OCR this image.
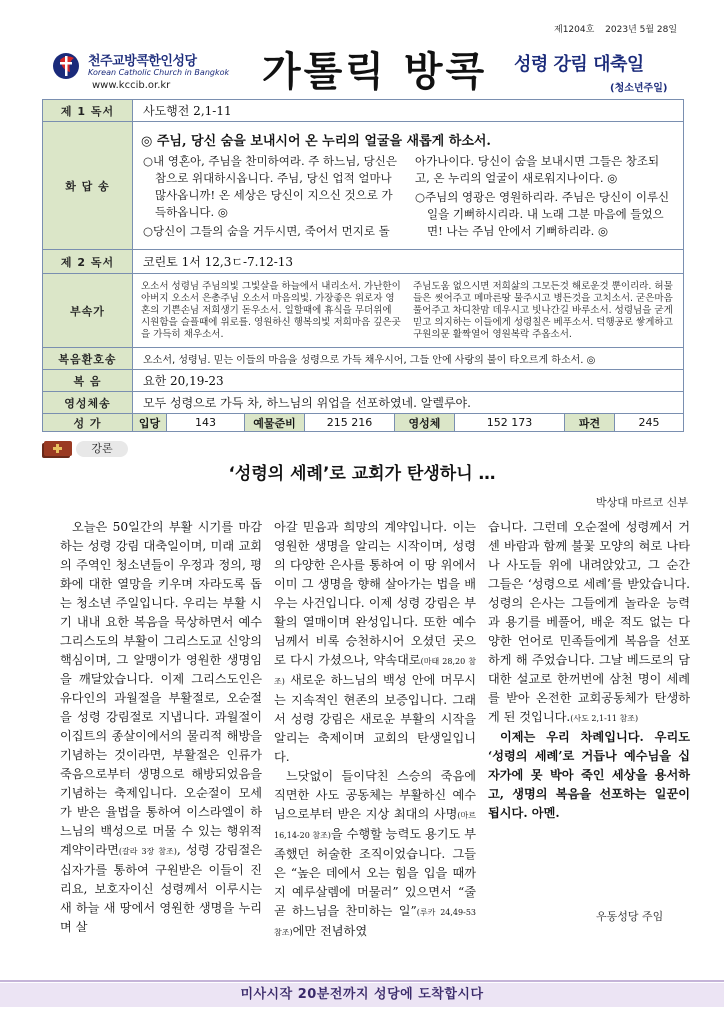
천주교방콕한인성당
Korean Catholic Church in Bangkok
www.kccib.or.kr 가톨릭 방콕
제1204호 2023년 5월 28일
성령 강림 대축일
(청소년주일)
제 1 독서	사도행전 2,1-11							
화 답 송	◎ 주님, 당신 숨을 보내시어 온 누리의 얼굴을 새롭게 하소서.
○내 영혼아, 주님을 찬미하여라. 주 하느님, 당신은 참으로 위대하시옵니다. 주님, 당신 업적 얼마나 많사옵니까! 온 세상은 당신이 지으신 것으로 가득하옵니다. ◎
○당신이 그들의 숨을 거두시면, 죽어서 먼지로 돌
아가나이다. 당신이 숨을 보내시면 그들은 창조되고, 온 누리의 얼굴이 새로워지나이다. ◎
○주님의 영광은 영원하리라. 주님은 당신이 이루신 일을 기뻐하시리라. 내 노래 그분 마음에 들었으면! 나는 주님 안에서 기뻐하리라. ◎							

제 2 독서	코린토 1서 12,3ㄷ-7.12-13							
부속가	오소서 성령님 주님의빛 그빛살을 하늘에서 내리소서. 가난한이 아버지 오소서 은총주님 오소서 마음의빛. 가장좋은 위로자 영혼의 기쁜손님 저희생기 돋우소서. 일할때에 휴식을 무더위에 시원함을 슬플때에 위로를. 영원하신 행복의빛 저희마음 깊은곳을 가득히 채우소서.
주님도움 없으시면 저희삶의 그모든것 해로운것 뿐이리라. 허물들은 씻어주고 메마른땅 물주시고 병든것을 고치소서. 굳은마음 풀어주고 차디찬맘 데우시고 빗나간길 바루소서. 성령님을 굳게믿고 의지하는 이들에게 성령칠은 베푸소서. 덕행공로 쌓게하고 구원의문 활짝열어 영원복락 주옵소서.							

복음환호송	오소서, 성령님. 믿는 이들의 마음을 성령으로 가득 채우시어, 그들 안에 사랑의 불이 타오르게 하소서. ◎							
복 음	요한 20,19-23							
영성체송	모두 성령으로 가득 차, 하느님의 위업을 선포하였네. 알렐루야.							
성 가	입당	143	예물준비	215 216	영성체	152 173	파견	245
강론
‘성령의 세례’로 교회가 탄생하니 …
박상대 마르코 신부

오늘은 50일간의 부활 시기를 마감하는 성령 강림 대축일이며, 미래 교회의 주역인 청소년들이 우정과 정의, 평화에 대한 열망을 키우며 자라도록 돕는 청소년 주일입니다. 우리는 부활 시기 내내 요한 복음을 묵상하면서 예수 그리스도의 부활이 그리스도교 신앙의 핵심이며, 그 알맹이가 영원한 생명임을 깨달았습니다. 이제 그리스도인은 유다인의 과월절을 부활절로, 오순절을 성령 강림절로 지냅니다. 과월절이 이집트의 종살이에서의 물리적 해방을 기념하는 것이라면, 부활절은 인류가 죽음으로부터 생명으로 해방되었음을 기념하는 축제입니다. 오순절이 모세가 받은 율법을 통하여 이스라엘이 하느님의 백성으로 머물 수 있는 행위적 계약이라면(갈라 3장 참조), 성령 강림절은 십자가를 통하여 구원받은 이들이 진리요, 보호자이신 성령께서 이루시는 새 하늘 새 땅에서 영원한 생명을 누리며 살

아갈 믿음과 희망의 계약입니다. 이는 영원한 생명을 알리는 시작이며, 성령의 다양한 은사를 통하여 이 땅 위에서 이미 그 생명을 향해 살아가는 법을 배우는 사건입니다. 이제 성령 강림은 부활의 열매이며 완성입니다. 또한 예수님께서 비록 승천하시어 오셨던 곳으로 다시 가셨으나, 약속대로(마태 28,20 참조) 새로운 하느님의 백성 안에 머무시는 지속적인 현존의 보증입니다. 그래서 성령 강림은 새로운 부활의 시작을 알리는 축제이며 교회의 탄생일입니다.

느닷없이 들이닥친 스승의 죽음에 직면한 사도 공동체는 부활하신 예수님으로부터 받은 지상 최대의 사명(마르 16,14-20 참조)을 수행할 능력도 용기도 부족했던 허술한 조직이었습니다. 그들은 “높은 데에서 오는 힘을 입을 때까지 예루살렘에 머물러” 있으면서 “줄곧 하느님을 찬미하는 일”(루카 24,49-53 참조)에만 전념하였

습니다. 그런데 오순절에 성령께서 거센 바람과 함께 불꽃 모양의 혀로 나타나 사도들 위에 내려앉았고, 그 순간 그들은 ‘성령으로 세례’를 받았습니다. 성령의 은사는 그들에게 놀라운 능력과 용기를 베풀어, 배운 적도 없는 다양한 언어로 민족들에게 복음을 선포하게 해 주었습니다. 그날 베드로의 담대한 설교로 한꺼번에 삼천 명이 세례를 받아 온전한 교회공동체가 탄생하게 된 것입니다.(사도 2,1-11 참조)

이제는 우리 차례입니다. 우리도 ‘성령의 세례’로 거듭나 예수님을 십자가에 못 박아 죽인 세상을 용서하고, 생명의 복음을 선포하는 일꾼이 됩시다. 아멘.

우동성당 주임
미사시작 20분전까지 성당에 도착합시다
